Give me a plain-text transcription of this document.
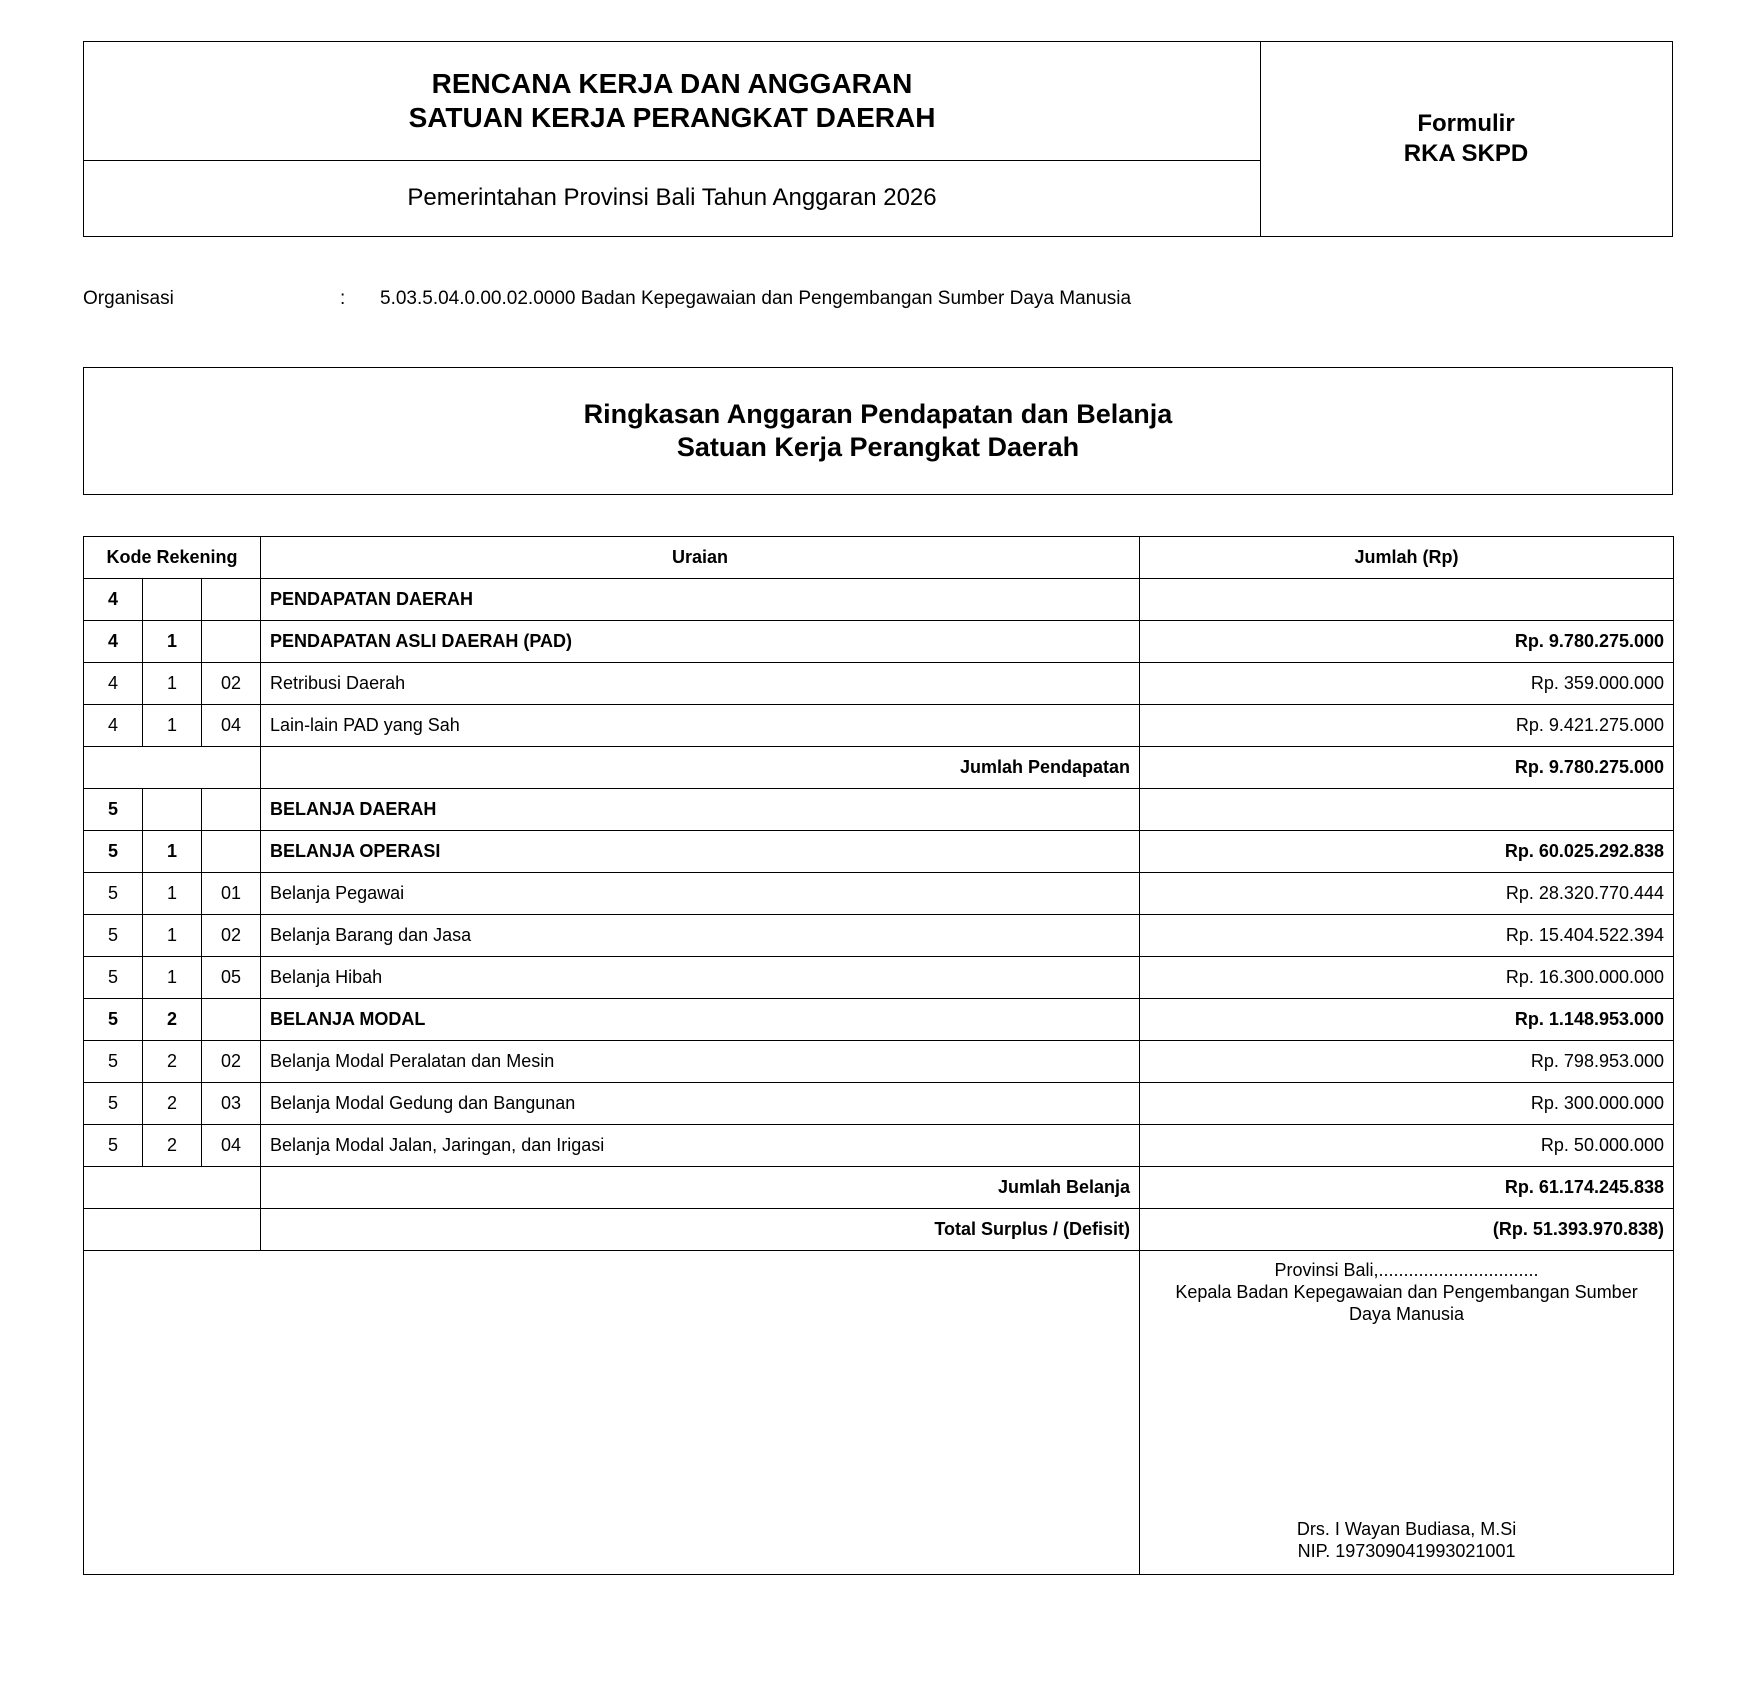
RENCANA KERJA DAN ANGGARAN
SATUAN KERJA PERANGKAT DAERAH
Pemerintahan Provinsi Bali Tahun Anggaran 2026
Formulir
RKA SKPD
Organisasi	: 5.03.5.04.0.00.02.0000 Badan Kepegawaian dan Pengembangan Sumber Daya Manusia
Ringkasan Anggaran Pendapatan dan Belanja
Satuan Kerja Perangkat Daerah
Kode Rekening			Uraian	Jumlah (Rp)
4			PENDAPATAN DAERAH	
4	1		PENDAPATAN ASLI DAERAH (PAD)	Rp. 9.780.275.000
4	1	02	Retribusi Daerah	Rp. 359.000.000
4	1	04	Lain-lain PAD yang Sah	Rp. 9.421.275.000
			Jumlah Pendapatan	Rp. 9.780.275.000
5			BELANJA DAERAH	
5	1		BELANJA OPERASI	Rp. 60.025.292.838
5	1	01	Belanja Pegawai	Rp. 28.320.770.444
5	1	02	Belanja Barang dan Jasa	Rp. 15.404.522.394
5	1	05	Belanja Hibah	Rp. 16.300.000.000
5	2		BELANJA MODAL	Rp. 1.148.953.000
5	2	02	Belanja Modal Peralatan dan Mesin	Rp. 798.953.000
5	2	03	Belanja Modal Gedung dan Bangunan	Rp. 300.000.000
5	2	04	Belanja Modal Jalan, Jaringan, dan Irigasi	Rp. 50.000.000
			Jumlah Belanja	Rp. 61.174.245.838
			Total Surplus / (Defisit)	(Rp. 51.393.970.838)

				Provinsi Bali,................................
Kepala Badan Kepegawaian dan Pengembangan Sumber Daya Manusia
Drs. I Wayan Budiasa, M.Si
NIP. 197309041993021001
